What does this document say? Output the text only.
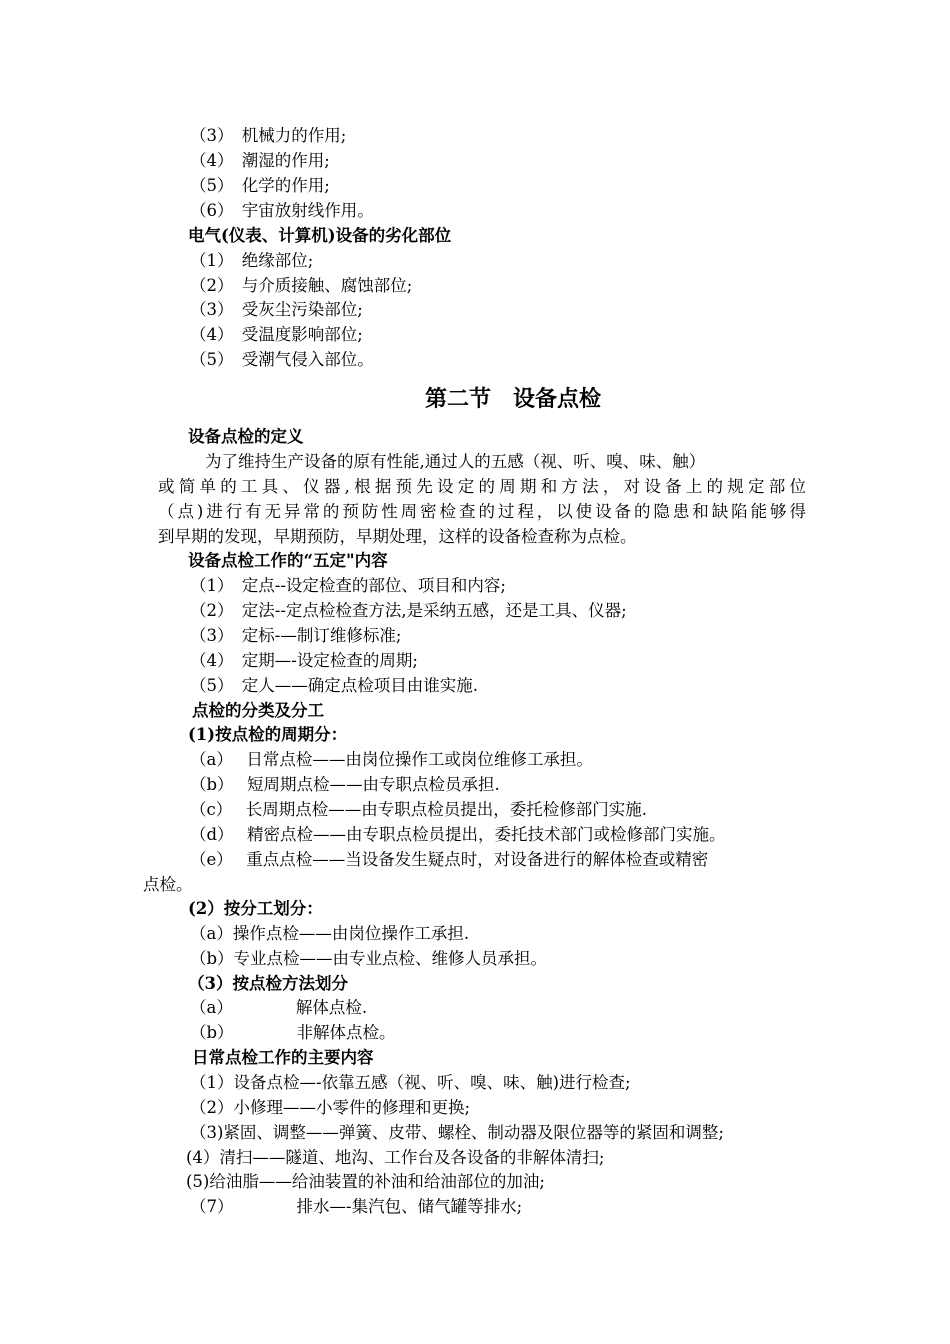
（3）　机械力的作用;
（4）　潮湿的作用;
（5）　化学的作用;
（6）　宇宙放射线作用。
电气(仪表、计算机)设备的劣化部位
（1）　绝缘部位;
（2）　与介质接触、腐蚀部位;
（3）　受灰尘污染部位;
（4）　受温度影响部位;
（5）　受潮气侵入部位。
第二节　设备点检
设备点检的定义
为了维持生产设备的原有性能,通过人的五感（视、听、嗅、味、触）
或简单的工具、仪器,根据预先设定的周期和方法，对设备上的规定部位
（点)进行有无异常的预防性周密检查的过程，以使设备的隐患和缺陷能够得
到早期的发现，早期预防，早期处理，这样的设备检查称为点检。
设备点检工作的“五定"内容
（1）　定点--设定检查的部位、项目和内容;
（2）　定法--定点检检查方法,是采纳五感，还是工具、仪器;
（3）　定标-—制订维修标准;
（4）　定期—-设定检查的周期;
（5）　定人——确定点检项目由谁实施.
点检的分类及分工
(1)按点检的周期分：
（a）　 日常点检——由岗位操作工或岗位维修工承担。
（b）　 短周期点检——由专职点检员承担.
（c）　 长周期点检——由专职点检员提出，委托检修部门实施.
（d）　 精密点检——由专职点检员提出，委托技术部门或检修部门实施。
（e）　 重点点检——当设备发生疑点时，对设备进行的解体检查或精密
点检。
(2）按分工划分：
（a）操作点检——由岗位操作工承担.
（b）专业点检——由专业点检、维修人员承担。
（3）按点检方法划分
（a）　　　　 解体点检.
（b）　　　　 非解体点检。
日常点检工作的主要内容
（1）设备点检—-依靠五感（视、听、嗅、味、触)进行检查;
（2）小修理——小零件的修理和更换;
（3)紧固、调整——弹簧、皮带、螺栓、制动器及限位器等的紧固和调整;
(4）清扫——隧道、地沟、工作台及各设备的非解体清扫;
(5)给油脂——给油装置的补油和给油部位的加油;
（7）　　　　 排水—-集汽包、储气罐等排水;
